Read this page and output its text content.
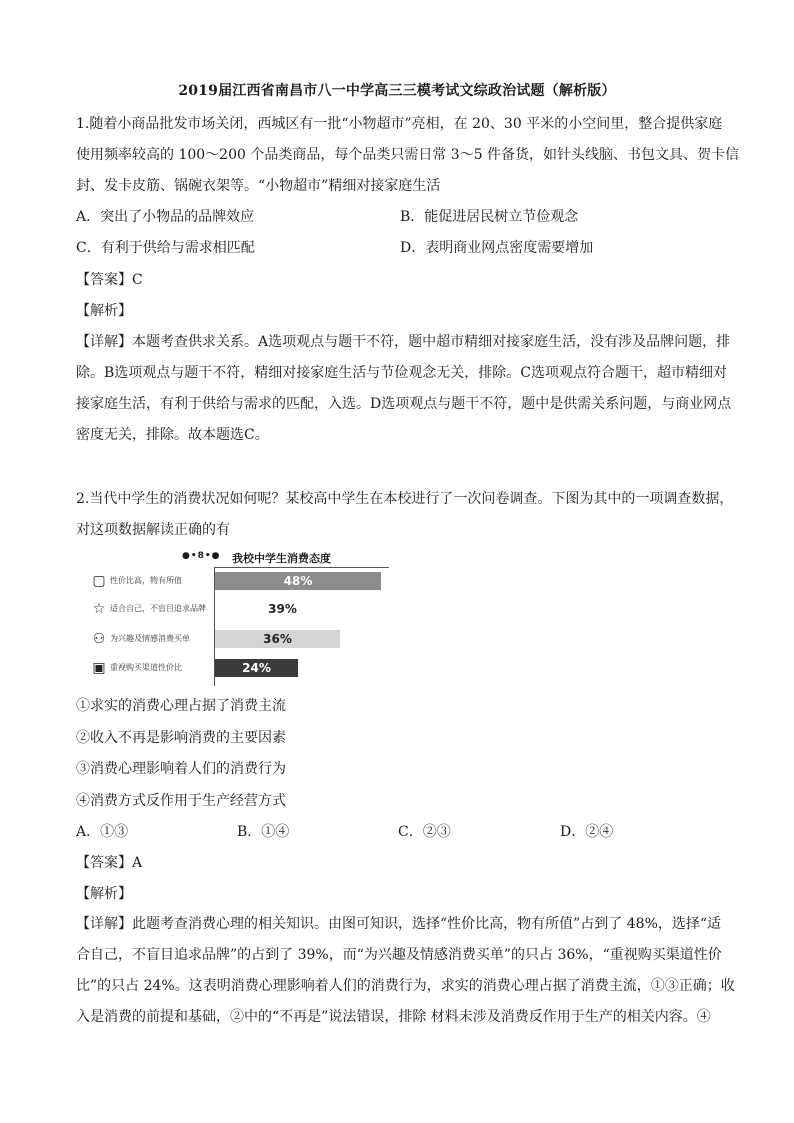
2019届江西省南昌市八一中学高三三模考试文综政治试题（解析版）
1.随着小商品批发市场关闭，西城区有一批“小物超市”亮相，在 20、30 平米的小空间里，整合提供家庭
使用频率较高的 100～200 个品类商品，每个品类只需日常 3～5 件备货，如针头线脑、书包文具、贺卡信
封、发卡皮筋、锅碗衣架等。“小物超市”精细对接家庭生活
A．突出了小物品的品牌效应	B．能促进居民树立节俭观念
C．有利于供给与需求相匹配	D．表明商业网点密度需要增加
【答案】C
【解析】
【详解】本题考查供求关系。A选项观点与题干不符，题中超市精细对接家庭生活，没有涉及品牌问题，排
除。B选项观点与题干不符，精细对接家庭生活与节俭观念无关，排除。C选项观点符合题干，超市精细对
接家庭生活，有利于供给与需求的匹配，入选。D选项观点与题干不符，题中是供需关系问题，与商业网点
密度无关，排除。故本题选C。
2.当代中学生的消费状况如何呢？某校高中学生在本校进行了一次问卷调查。下图为其中的一项调查数据，
对这项数据解读正确的有
●•8•● 我校中学生消费态度
▢ 性价比高，物有所值	48%
☆ 适合自己，不盲目追求品牌	39%
⚇ 为兴趣及情感消费买单	36%
▣ 重视购买渠道性价比	24%
①求实的消费心理占据了消费主流
②收入不再是影响消费的主要因素
③消费心理影响着人们的消费行为
④消费方式反作用于生产经营方式
A．①③	B．①④	C．②③	D．②④
【答案】A
【解析】
【详解】此题考查消费心理的相关知识。由图可知识，选择“性价比高，物有所值”占到了 48%，选择“适
合自己，不盲目追求品牌”的占到了 39%，而“为兴趣及情感消费买单”的只占 36%，“重视购买渠道性价
比”的只占 24%。这表明消费心理影响着人们的消费行为，求实的消费心理占据了消费主流，①③正确；收
入是消费的前提和基础，②中的“不再是”说法错误，排除 材料未涉及消费反作用于生产的相关内容。④
